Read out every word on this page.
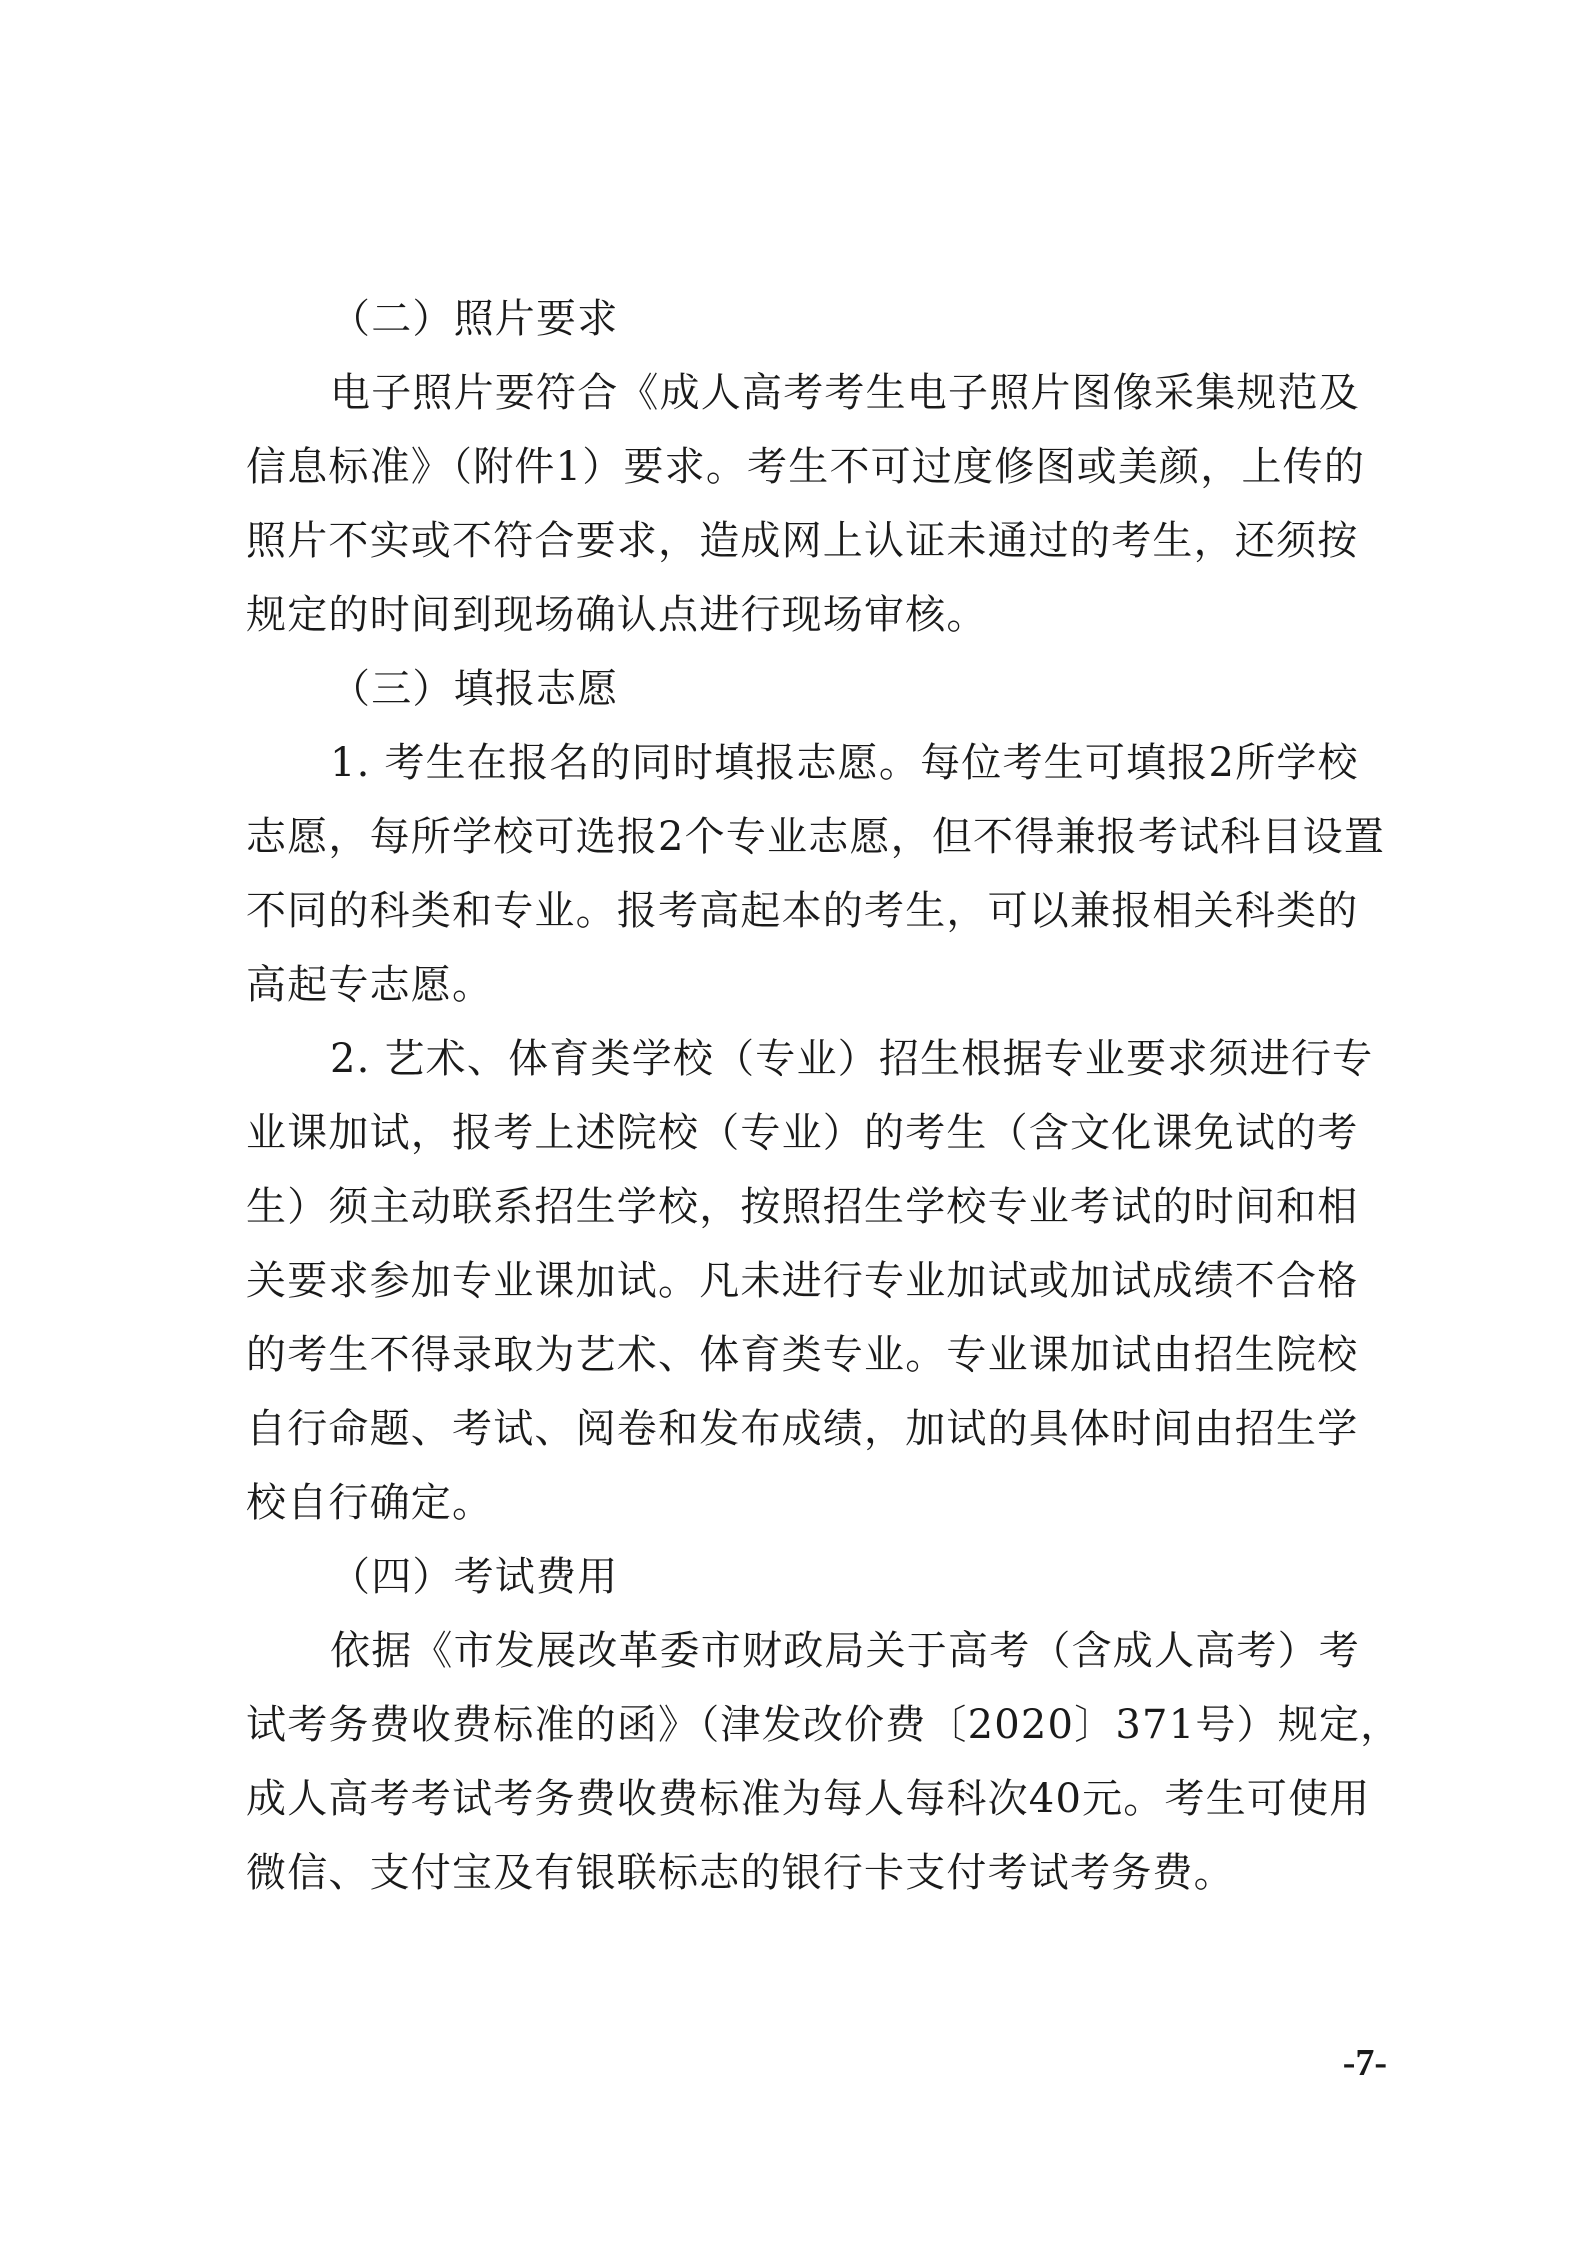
（二）照片要求
电子照片要符合《成人高考考生电子照片图像采集规范及
信息标准》（附件1）要求。考生不可过度修图或美颜，上传的
照片不实或不符合要求，造成网上认证未通过的考生，还须按
规定的时间到现场确认点进行现场审核。
（三）填报志愿
1. 考生在报名的同时填报志愿。每位考生可填报2所学校
志愿，每所学校可选报2个专业志愿，但不得兼报考试科目设置
不同的科类和专业。报考高起本的考生，可以兼报相关科类的
高起专志愿。
2. 艺术、体育类学校（专业）招生根据专业要求须进行专
业课加试，报考上述院校（专业）的考生（含文化课免试的考
生）须主动联系招生学校，按照招生学校专业考试的时间和相
关要求参加专业课加试。凡未进行专业加试或加试成绩不合格
的考生不得录取为艺术、体育类专业。专业课加试由招生院校
自行命题、考试、阅卷和发布成绩，加试的具体时间由招生学
校自行确定。
（四）考试费用
依据《市发展改革委市财政局关于高考（含成人高考）考
试考务费收费标准的函》（津发改价费〔2020〕371号）规定，
成人高考考试考务费收费标准为每人每科次40元。考生可使用
微信、支付宝及有银联标志的银行卡支付考试考务费。
-7-
